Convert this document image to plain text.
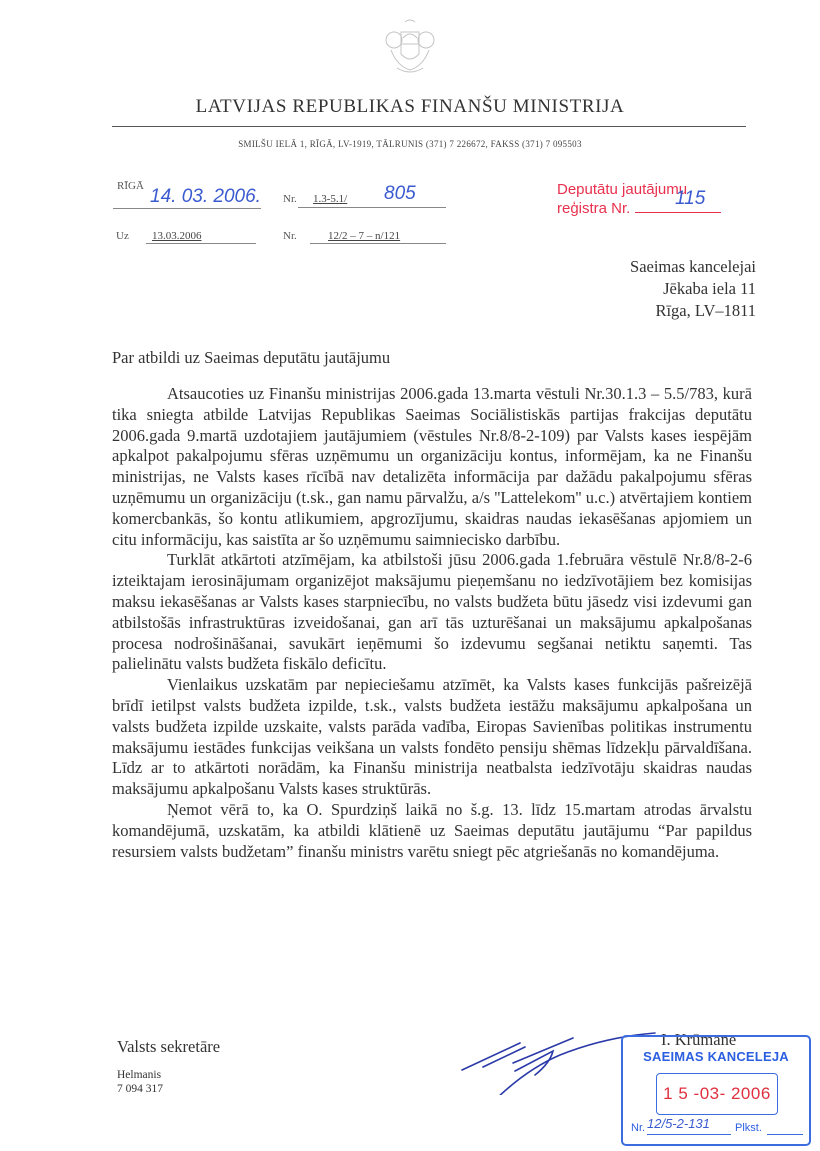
LATVIJAS REPUBLIKAS FINANŠU MINISTRIJA
SMILŠU IELĀ 1, RĪGĀ, LV-1919, TĀLRUNIS (371) 7 226672, FAKSS (371) 7 095503
RĪGĀ 14. 03. 2006. Nr. 1.3-5.1/ 805
Uz 13.03.2006	Nr.	12/2 – 7 – n/121
Deputātu jautājumu
reģistra Nr. 115
Saeimas kancelejai
Jēkaba iela 11
Rīga, LV–1811
Par atbildi uz Saeimas deputātu jautājumu

Atsaucoties uz Finanšu ministrijas 2006.gada 13.marta vēstuli Nr.30.1.3 – 5.5/783, kurā tika sniegta atbilde Latvijas Republikas Saeimas Sociālistiskās partijas frakcijas deputātu 2006.gada 9.martā uzdotajiem jautājumiem (vēstules Nr.8/8-2-109) par Valsts kases iespējām apkalpot pakalpojumu sfēras uzņēmumu un organizāciju kontus, informējam, ka ne Finanšu ministrijas, ne Valsts kases rīcībā nav detalizēta informācija par dažādu pakalpojumu sfēras uzņēmumu un organizāciju (t.sk., gan namu pārvalžu, a/s ''Lattelekom'' u.c.) atvērtajiem kontiem komercbankās, šo kontu atlikumiem, apgrozījumu, skaidras naudas iekasēšanas apjomiem un citu informāciju, kas saistīta ar šo uzņēmumu saimniecisko darbību.

Turklāt atkārtoti atzīmējam, ka atbilstoši jūsu 2006.gada 1.februāra vēstulē Nr.8/8-2-6 izteiktajam ierosinājumam organizējot maksājumu pieņemšanu no iedzīvotājiem bez komisijas maksu iekasēšanas ar Valsts kases starpniecību, no valsts budžeta būtu jāsedz visi izdevumi gan atbilstošās infrastruktūras izveidošanai, gan arī tās uzturēšanai un maksājumu apkalpošanas procesa nodrošināšanai, savukārt ieņēmumi šo izdevumu segšanai netiktu saņemti. Tas palielinātu valsts budžeta fiskālo deficītu.

Vienlaikus uzskatām par nepieciešamu atzīmēt, ka Valsts kases funkcijās pašreizējā brīdī ietilpst valsts budžeta izpilde, t.sk., valsts budžeta iestāžu maksājumu apkalpošana un valsts budžeta izpilde uzskaite, valsts parāda vadība, Eiropas Savienības politikas instrumentu maksājumu iestādes funkcijas veikšana un valsts fondēto pensiju shēmas līdzekļu pārvaldīšana. Līdz ar to atkārtoti norādām, ka Finanšu ministrija neatbalsta iedzīvotāju skaidras naudas maksājumu apkalpošanu Valsts kases struktūrās.

Ņemot vērā to, ka O. Spurdziņš laikā no š.g. 13. līdz 15.martam atrodas ārvalstu komandējumā, uzskatām, ka atbildi klātienē uz Saeimas deputātu jautājumu “Par papildus resursiem valsts budžetam” finanšu ministrs varētu sniegt pēc atgriešanās no komandējuma.

Valsts sekretāre	I. Krūmane
Helmanis
7 094 317
SAEIMAS KANCELEJA
1 5 -03- 2006
Nr. 12/5-2-131 Plkst.
